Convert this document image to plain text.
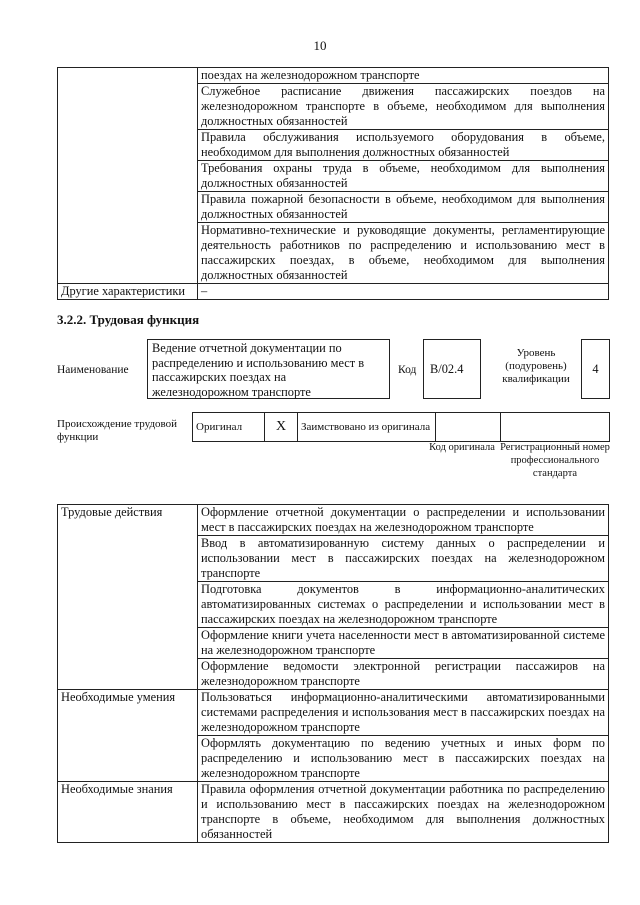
10
	поездах на железнодорожном транспорте
	Служебное расписание движения пассажирских поездов на железнодорожном транспорте в объеме, необходимом для выполнения должностных обязанностей
	Правила обслуживания используемого оборудования в объеме, необходимом для выполнения должностных обязанностей
	Требования охраны труда в объеме, необходимом для выполнения должностных обязанностей
	Правила пожарной безопасности в объеме, необходимом для выполнения должностных обязанностей
	Нормативно-технические и руководящие документы, регламентирующие деятельность работников по распределению и использованию мест в пассажирских поездах, в объеме, необходимом для выполнения должностных обязанностей
Другие характеристики	–
3.2.2. Трудовая функция
Наименование
Ведение отчетной документации по распределению и использованию мест в пассажирских поездах на железнодорожном транспорте
Код	B/02.4
Уровень (подуровень) квалификации
4
Происхождение трудовой функции
Оригинал	X	Заимствовано из оригинала		
Код оригинала Регистрационный номер профессионального стандарта
Трудовые действия	Оформление отчетной документации о распределении и использовании мест в пассажирских поездах на железнодорожном транспорте
	Ввод в автоматизированную систему данных о распределении и использовании мест в пассажирских поездах на железнодорожном транспорте
	Подготовка документов в информационно-аналитических автоматизированных системах о распределении и использовании мест в пассажирских поездах на железнодорожном транспорте
	Оформление книги учета населенности мест в автоматизированной системе на железнодорожном транспорте
	Оформление ведомости электронной регистрации пассажиров на железнодорожном транспорте
Необходимые умения	Пользоваться информационно-аналитическими автоматизированными системами распределения и использования мест в пассажирских поездах на железнодорожном транспорте
	Оформлять документацию по ведению учетных и иных форм по распределению и использованию мест в пассажирских поездах на железнодорожном транспорте
Необходимые знания	Правила оформления отчетной документации работника по распределению и использованию мест в пассажирских поездах на железнодорожном транспорте в объеме, необходимом для выполнения должностных обязанностей
